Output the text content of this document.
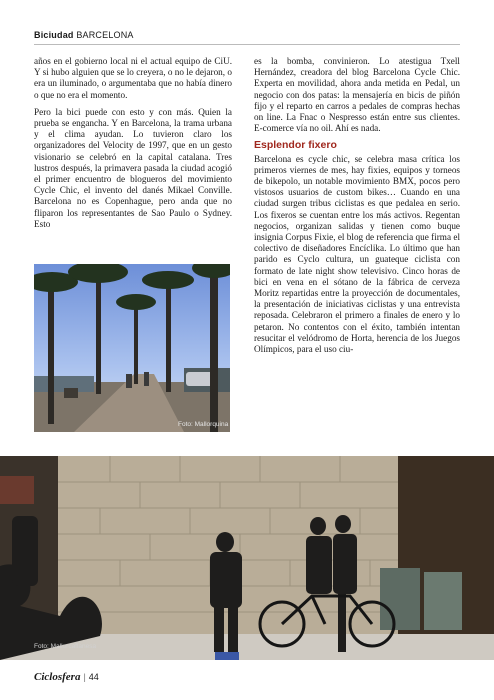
Biciudad BARCELONA

años en el gobierno local ni el actual equipo de CiU. Y si hubo alguien que se lo creyera, o no le dejaron, o era un iluminado, o argumentaba que no había dinero o que no era el momento.

Pero la bici puede con esto y con más. Quien la prueba se engancha. Y en Barcelona, la trama urbana y el clima ayudan. Lo tuvieron claro los organizadores del Velocity de 1997, que en un gesto visionario se celebró en la capital catalana. Tres lustros después, la primavera pasada la ciudad acogió el primer encuentro de blogueros del movimiento Cycle Chic, el invento del danés Mikael Conville. Barcelona no es Copenhague, pero anda que no fliparon los representantes de Sao Paulo o Sydney. Esto

es la bomba, convinieron. Lo atestigua Txell Hernández, creadora del blog Barcelona Cycle Chic. Experta en movilidad, ahora anda metida en Pedal, un negocio con dos patas: la mensajería en bicis de piñón fijo y el reparto en carros a pedales de compras hechas on line. La Fnac o Nespresso están entre sus clientes. E-comerce vía no oil. Ahí es nada.

Esplendor fixero

Barcelona es cycle chic, se celebra masa crítica los primeros viernes de mes, hay fixies, equipos y torneos de bikepolo, un notable movimiento BMX, pocos pero vistosos usuarios de custom bikes… Cuando en una ciudad surgen tribus ciclistas es que pedalea en serio. Los fixeros se cuentan entre los más activos. Regentan negocios, organizan salidas y tienen como buque insignia Corpus Fixie, el blog de referencia que firma el colectivo de diseñadores Encíclika. Lo último que han parido es Cyclo cultura, un guateque ciclista con formato de late night show televisivo. Cinco horas de bici en vena en el sótano de la fábrica de cerveza Moritz repartidas entre la proyección de documentales, la presentación de iniciativas ciclistas y una entrevista reposada. Celebraron el primero a finales de enero y lo petaron. No contentos con el éxito, también intentan resucitar el velódromo de Horta, herencia de los Juegos Olímpicos, para el uso ciu-

Foto: Mallorquina
Foto: Mallorcaflanesa
Ciclosfera | 44
